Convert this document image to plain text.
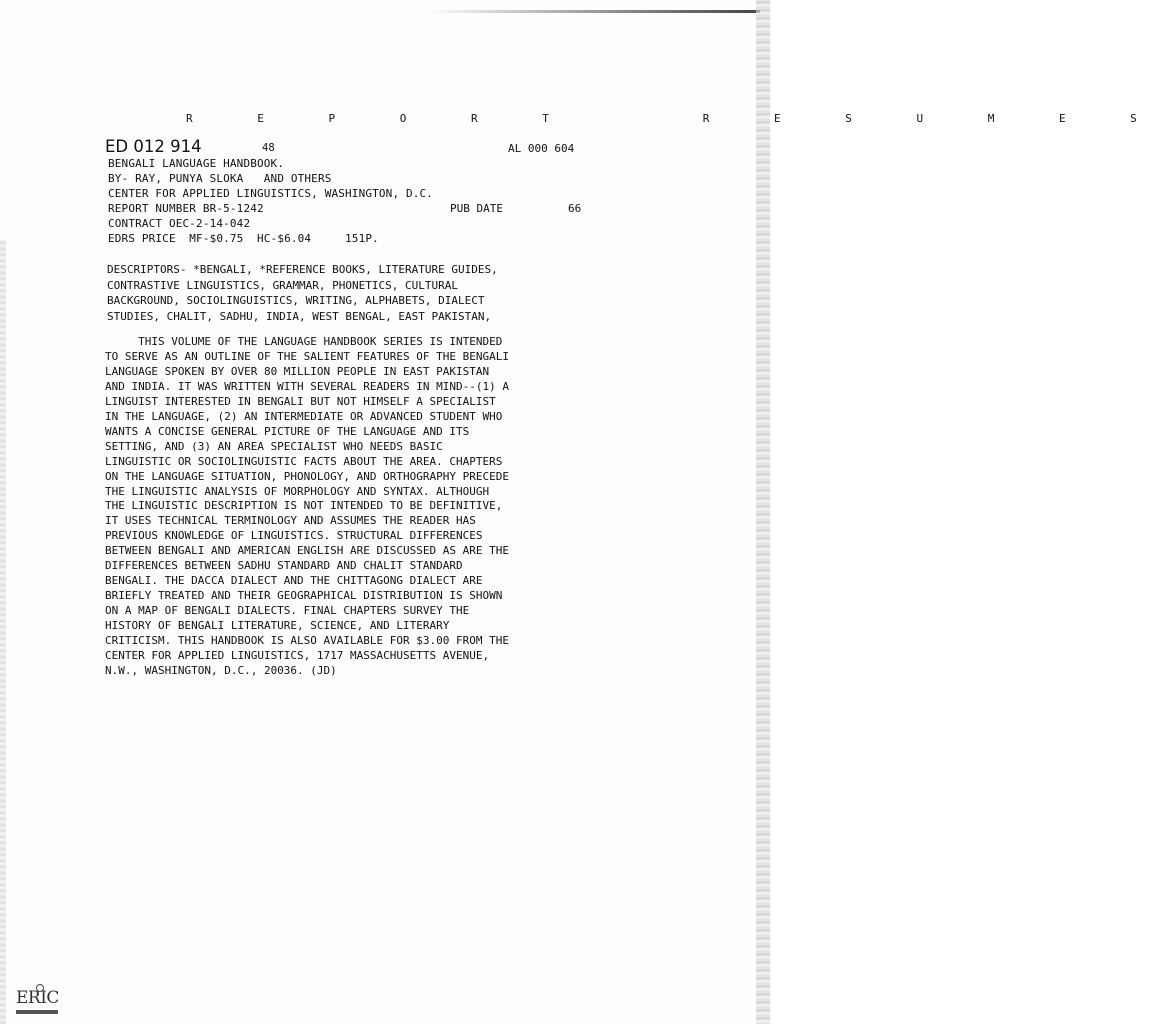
R E P O R T   R E S U M E S
ED 012 914	48	AL 000 604
BENGALI LANGUAGE HANDBOOK.
BY- RAY, PUNYA SLOKA   AND OTHERS
CENTER FOR APPLIED LINGUISTICS, WASHINGTON, D.C.
REPORT NUMBER BR-5-1242	PUB DATE	66
CONTRACT OEC-2-14-042
EDRS PRICE  MF-$0.75  HC-$6.04     151P.
DESCRIPTORS- *BENGALI, *REFERENCE BOOKS, LITERATURE GUIDES,
CONTRASTIVE LINGUISTICS, GRAMMAR, PHONETICS, CULTURAL
BACKGROUND, SOCIOLINGUISTICS, WRITING, ALPHABETS, DIALECT
STUDIES, CHALIT, SADHU, INDIA, WEST BENGAL, EAST PAKISTAN,
THIS VOLUME OF THE LANGUAGE HANDBOOK SERIES IS INTENDED
TO SERVE AS AN OUTLINE OF THE SALIENT FEATURES OF THE BENGALI
LANGUAGE SPOKEN BY OVER 80 MILLION PEOPLE IN EAST PAKISTAN
AND INDIA. IT WAS WRITTEN WITH SEVERAL READERS IN MIND--(1) A
LINGUIST INTERESTED IN BENGALI BUT NOT HIMSELF A SPECIALIST
IN THE LANGUAGE, (2) AN INTERMEDIATE OR ADVANCED STUDENT WHO
WANTS A CONCISE GENERAL PICTURE OF THE LANGUAGE AND ITS
SETTING, AND (3) AN AREA SPECIALIST WHO NEEDS BASIC
LINGUISTIC OR SOCIOLINGUISTIC FACTS ABOUT THE AREA. CHAPTERS
ON THE LANGUAGE SITUATION, PHONOLOGY, AND ORTHOGRAPHY PRECEDE
THE LINGUISTIC ANALYSIS OF MORPHOLOGY AND SYNTAX. ALTHOUGH
THE LINGUISTIC DESCRIPTION IS NOT INTENDED TO BE DEFINITIVE,
IT USES TECHNICAL TERMINOLOGY AND ASSUMES THE READER HAS
PREVIOUS KNOWLEDGE OF LINGUISTICS. STRUCTURAL DIFFERENCES
BETWEEN BENGALI AND AMERICAN ENGLISH ARE DISCUSSED AS ARE THE
DIFFERENCES BETWEEN SADHU STANDARD AND CHALIT STANDARD
BENGALI. THE DACCA DIALECT AND THE CHITTAGONG DIALECT ARE
BRIEFLY TREATED AND THEIR GEOGRAPHICAL DISTRIBUTION IS SHOWN
ON A MAP OF BENGALI DIALECTS. FINAL CHAPTERS SURVEY THE
HISTORY OF BENGALI LITERATURE, SCIENCE, AND LITERARY
CRITICISM. THIS HANDBOOK IS ALSO AVAILABLE FOR $3.00 FROM THE
CENTER FOR APPLIED LINGUISTICS, 1717 MASSACHUSETTS AVENUE,
N.W., WASHINGTON, D.C., 20036. (JD)
ERIC
